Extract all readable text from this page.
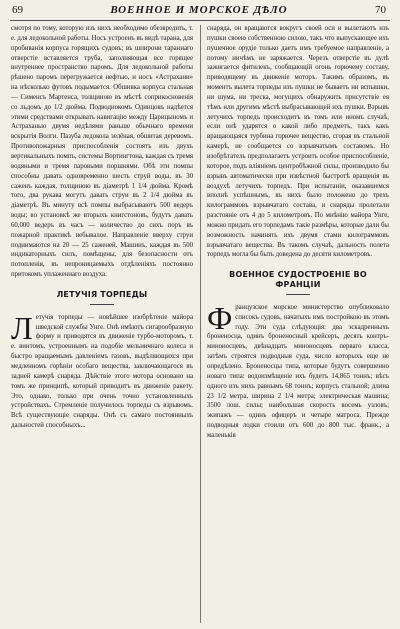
69	ВОЕННОЕ И МОРСКОЕ ДѢЛО	70

смотря по тому, которую изъ нихъ необходимо обезвредить, т. е. для ледокольной работы. Носъ устроенъ въ видѣ тарана, для пробиванія корпуса горящихъ судовъ; въ шпирони тараннаго отверстіе вставляется труба, заполняющая все горящее внутреннее пространство паромъ. Для ледокольной работы рѣшено паромъ перегружается нефтью, и носъ «Астрахани» на нѣсколько футовъ подымается. Обшивка корпуса стальная — Сименсъ Мартенса, толщиною въ мѣстѣ соприкосновенія со льдомъ до 1/2 дюйма. Подводнокомъ Одинцовъ надѣется этими средствами открывать навигацію между Царицыномъ и Астраханью двумя недѣлями раньше обычнаго времени вскрытія Волги. Пазуба ледокола зелёная, обшитая деревомъ. Противопожарныя приспособленія состоятъ изъ двухъ вертикальныхъ помпъ, системы Вортингтона, каждая съ тремя водяными и тремя паровыми поршнями. Обѣ эти помпы способны давать одновременно шесть струй воды, въ 30 саженъ каждая, толщиною въ діаметрѣ 1 1/4 дюйма. Кромѣ того, два рукава могутъ давать струи въ 2 1/4 дюйма въ діаметрѣ. Въ минуту всѣ помпы выбрасываютъ 500 ведеръ воды; во установкѣ же вторыхъ книгстоновъ, будутъ давать 60,000 ведеръ въ часъ — количество до сихъ поръ въ пожарной практикѣ небывалое. Направленіе вверху струи поднимаются на 20 — 25 саженей. Машинъ, каждая въ 500 индикаторныхъ силъ, помѣщены, для безопасности отъ потопленія, въ непроницаемыхъ отдѣленіяхъ постоянно притокомъ уплаженнаго воздуха.

ЛЕТУЧІЯ ТОРПЕДЫ

Летучія торпеды — новѣйшее изобрѣтеніе майора шведской службы Унге. Онѣ имѣютъ сигарообразную форму и приводятся въ движеніе турбо-моторомъ, т. е. винтомъ, устроеннымъ на подобіе мельничнаго колеса и быстро вращаемымъ давленіемъ газовъ, выдѣляющихся при медленномъ горѣніи особаго вещества, заключающагося въ задней камерѣ снаряда. Дѣйствіе этого мотора основано на томъ же принципѣ, который приводитъ въ движеніе ракету. Это, однако, только при очень точно установленныхъ устройствахъ. Стремленіе получилось торпеды съ взрывомъ. Всѣ существующіе снаряды. Онѣ съ самаго постоянныхъ дальностей способныхъ...

снаряда, он вращаются вокругъ своей оси и вылетаютъ изъ пушки своею собственною силою, такъ что выпускающее ихъ пушечное орудіе только даетъ имъ требуемое направленіе, а потому ничѣмъ не заряжается. Черезъ отверстіе въ дулѣ зажигается фитилекъ, сообщающій огонь горючему составу, приводящему въ движеніе моторъ. Такимъ образомъ, въ моментъ вылета торпеды изъ пушки не бываетъ ни вспышки, ни шума, ни треска, могущихъ обнаружить присутствіе ея тѣмъ или другимъ мѣстѣ выбрасывающей ихъ пушки. Взрывъ летучихъ торпедъ происходитъ въ томъ или иномъ случаѣ, если онѣ ударятся о какой либо предметъ, такъ какъ вращающаяся турбина горючее вещество, сгорая въ стальной камерѣ, не сообщается со взрывчатымъ составомъ. Но изобрѣтатель предполагаетъ устроить особое приспособленіе, которое, подъ вліяніемъ центробѣжной силы, производило бы взрывъ автоматически при извѣстной быстротѣ вращенія въ воздухѣ летучихъ торпедъ. При испытаніи, оказавшемся вполнѣ успѣшнымъ, въ нихъ было положено до трехъ килограммовъ взрывчатаго состава, и снаряды пролетали разстояніе отъ 4 до 5 километровъ. По мнѣнію майора Унге, можно придать его торпедамъ такіе размѣры, которые дали бы возможность начинять ихъ двумя стами килограммовъ взрывчатаго вещества. Въ такомъ случаѣ, дальность полета торпедъ могла бы быть доведена до десяти километровъ.

ВОЕННОЕ СУДОСТРОЕНІЕ ВО ФРАНЦІИ

Французское морское министерство опубликовало списокъ судовъ, начатыхъ имъ постройкою въ этомъ году. Эти суда слѣдующія: два эскадренныхъ броненосца, одинъ броненосный крейсеръ, десять контръ-миноносцевъ, двѣнадцать миноносцевъ перваго класса, затѣмъ строятся подводныя суда, число которыхъ еще не опредѣлено. Броненосцы типа, которые будутъ совершенно новаго типа: водоизмѣщеніе ихъ будетъ 14,865 тоннъ; вѣсъ одного изъ нихъ равнымъ 68 тоннъ; корпусъ стальной; длина 23 1/2 метра, ширина 2 1/4 метра; электрическая машина; 3500 лош. силы; наибольшая скорость восемь узловъ; экипажъ — одинъ офицеръ и четыре матроса. Прежде подводныя лодки стоили отъ 600 до 800 тыс. франк., а маленькія
